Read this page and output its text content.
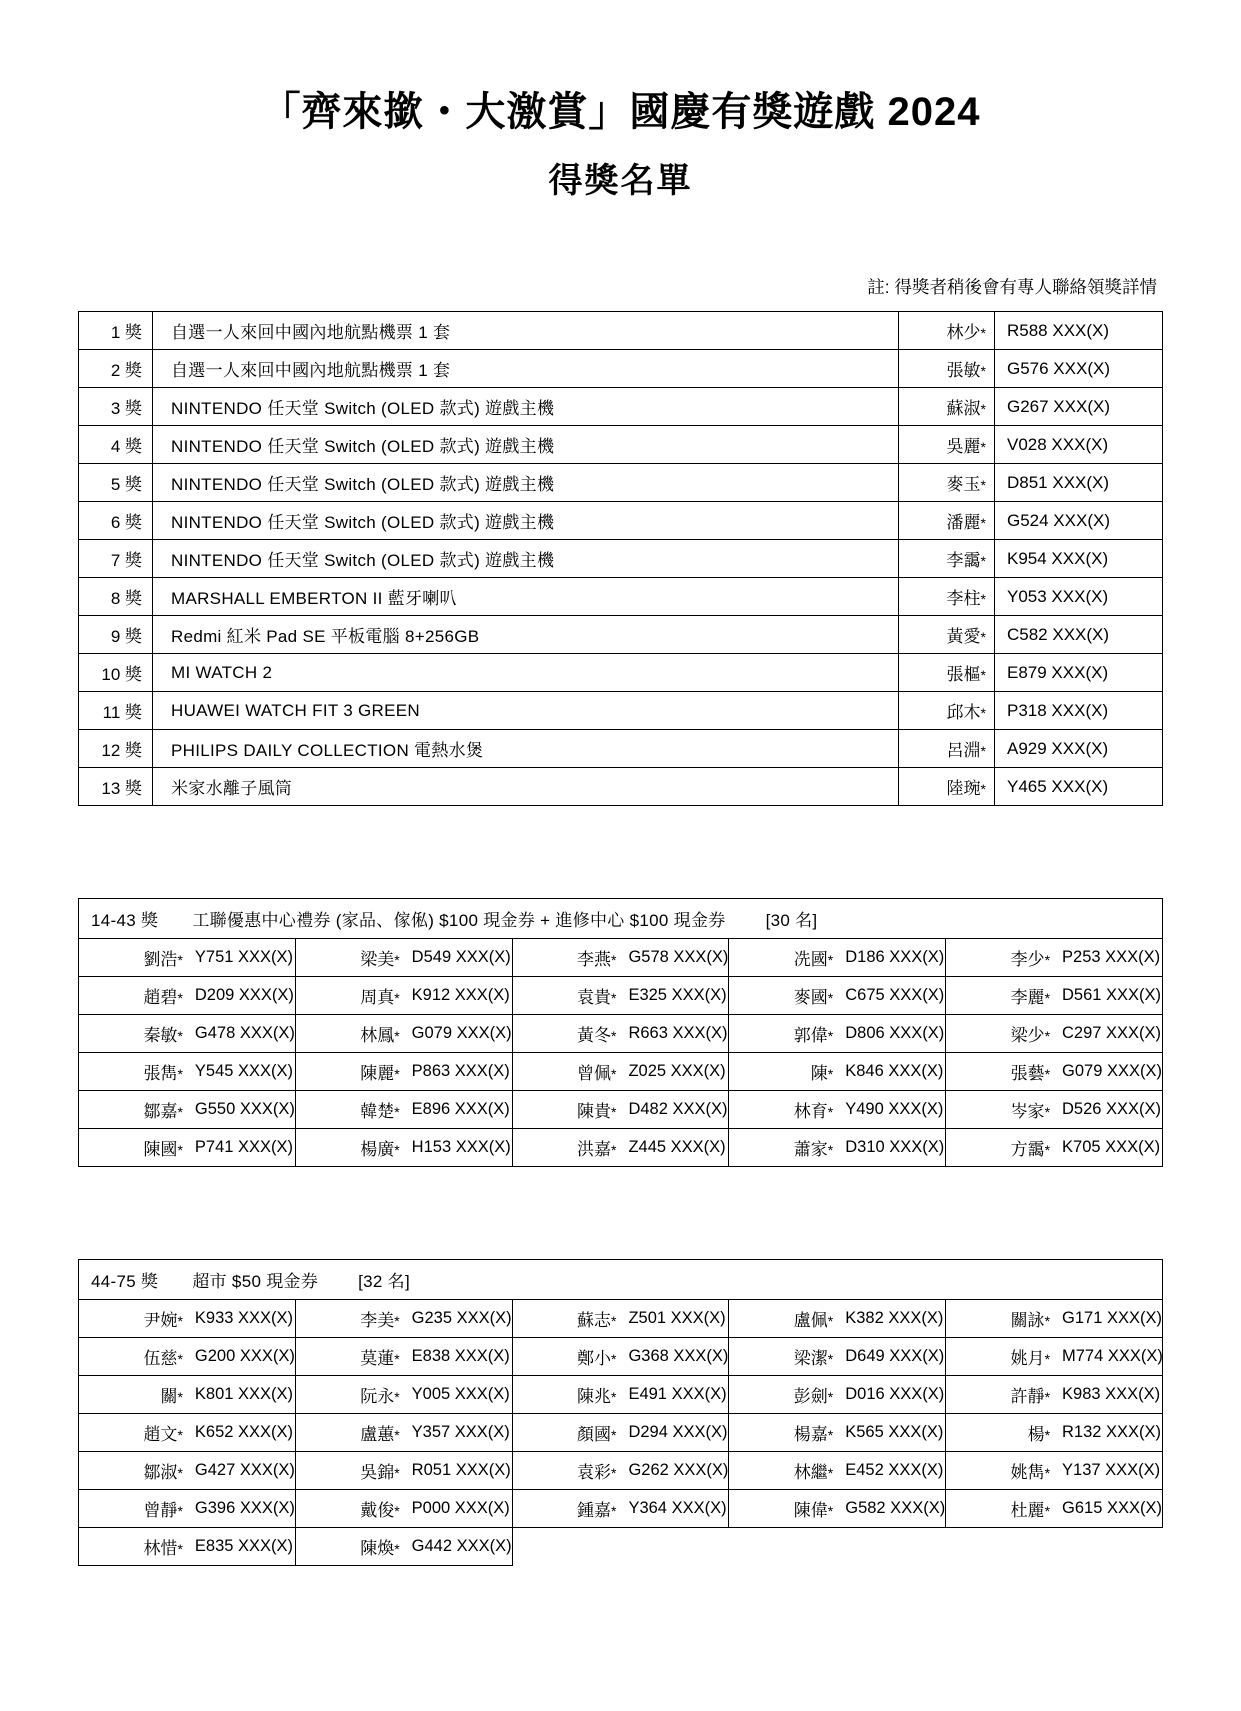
「齊來撳・大激賞」國慶有獎遊戲 2024
得獎名單
註: 得獎者稍後會有專人聯絡領獎詳情
1 獎	自選一人來回中國內地航點機票 1 套	林少*	R588 XXX(X)
2 獎	自選一人來回中國內地航點機票 1 套	張敏*	G576 XXX(X)
3 獎	NINTENDO 任天堂 Switch (OLED 款式) 遊戲主機	蘇淑*	G267 XXX(X)
4 獎	NINTENDO 任天堂 Switch (OLED 款式) 遊戲主機	吳麗*	V028 XXX(X)
5 獎	NINTENDO 任天堂 Switch (OLED 款式) 遊戲主機	麥玉*	D851 XXX(X)
6 獎	NINTENDO 任天堂 Switch (OLED 款式) 遊戲主機	潘麗*	G524 XXX(X)
7 獎	NINTENDO 任天堂 Switch (OLED 款式) 遊戲主機	李靄*	K954 XXX(X)
8 獎	MARSHALL EMBERTON II 藍牙喇叭	李柱*	Y053 XXX(X)
9 獎	Redmi 紅米 Pad SE 平板電腦 8+256GB	黃愛*	C582 XXX(X)
10 獎	MI WATCH 2	張樞*	E879 XXX(X)
11 獎	HUAWEI WATCH FIT 3 GREEN	邱木*	P318 XXX(X)
12 獎	PHILIPS DAILY COLLECTION 電熱水煲	呂淵*	A929 XXX(X)
13 獎	米家水離子風筒	陸琬*	Y465 XXX(X)
14-43 獎 工聯優惠中心禮券 (家品、傢俬) $100 現金券 + 進修中心 $100 現金券 [30 名]									
劉浩*	Y751 XXX(X)	梁美*	D549 XXX(X)	李燕*	G578 XXX(X)	冼國*	D186 XXX(X)	李少*	P253 XXX(X)
趙碧*	D209 XXX(X)	周真*	K912 XXX(X)	袁貴*	E325 XXX(X)	麥國*	C675 XXX(X)	李麗*	D561 XXX(X)
秦敏*	G478 XXX(X)	林鳳*	G079 XXX(X)	黃冬*	R663 XXX(X)	郭偉*	D806 XXX(X)	梁少*	C297 XXX(X)
張雋*	Y545 XXX(X)	陳麗*	P863 XXX(X)	曾佩*	Z025 XXX(X)	陳*	K846 XXX(X)	張藝*	G079 XXX(X)
鄒嘉*	G550 XXX(X)	韓楚*	E896 XXX(X)	陳貴*	D482 XXX(X)	林育*	Y490 XXX(X)	岑家*	D526 XXX(X)
陳國*	P741 XXX(X)	楊廣*	H153 XXX(X)	洪嘉*	Z445 XXX(X)	蕭家*	D310 XXX(X)	方靄*	K705 XXX(X)
44-75 獎 超市 $50 現金券 [32 名]									
尹婉*	K933 XXX(X)	李美*	G235 XXX(X)	蘇志*	Z501 XXX(X)	盧佩*	K382 XXX(X)	關詠*	G171 XXX(X)
伍慈*	G200 XXX(X)	莫蓮*	E838 XXX(X)	鄭小*	G368 XXX(X)	梁潔*	D649 XXX(X)	姚月*	M774 XXX(X)
關*	K801 XXX(X)	阮永*	Y005 XXX(X)	陳兆*	E491 XXX(X)	彭劍*	D016 XXX(X)	許靜*	K983 XXX(X)
趙文*	K652 XXX(X)	盧蕙*	Y357 XXX(X)	顏國*	D294 XXX(X)	楊嘉*	K565 XXX(X)	楊*	R132 XXX(X)
鄒淑*	G427 XXX(X)	吳錦*	R051 XXX(X)	袁彩*	G262 XXX(X)	林繼*	E452 XXX(X)	姚雋*	Y137 XXX(X)
曾靜*	G396 XXX(X)	戴俊*	P000 XXX(X)	鍾嘉*	Y364 XXX(X)	陳偉*	G582 XXX(X)	杜麗*	G615 XXX(X)
林惜*	E835 XXX(X)	陳煥*	G442 XXX(X)						
